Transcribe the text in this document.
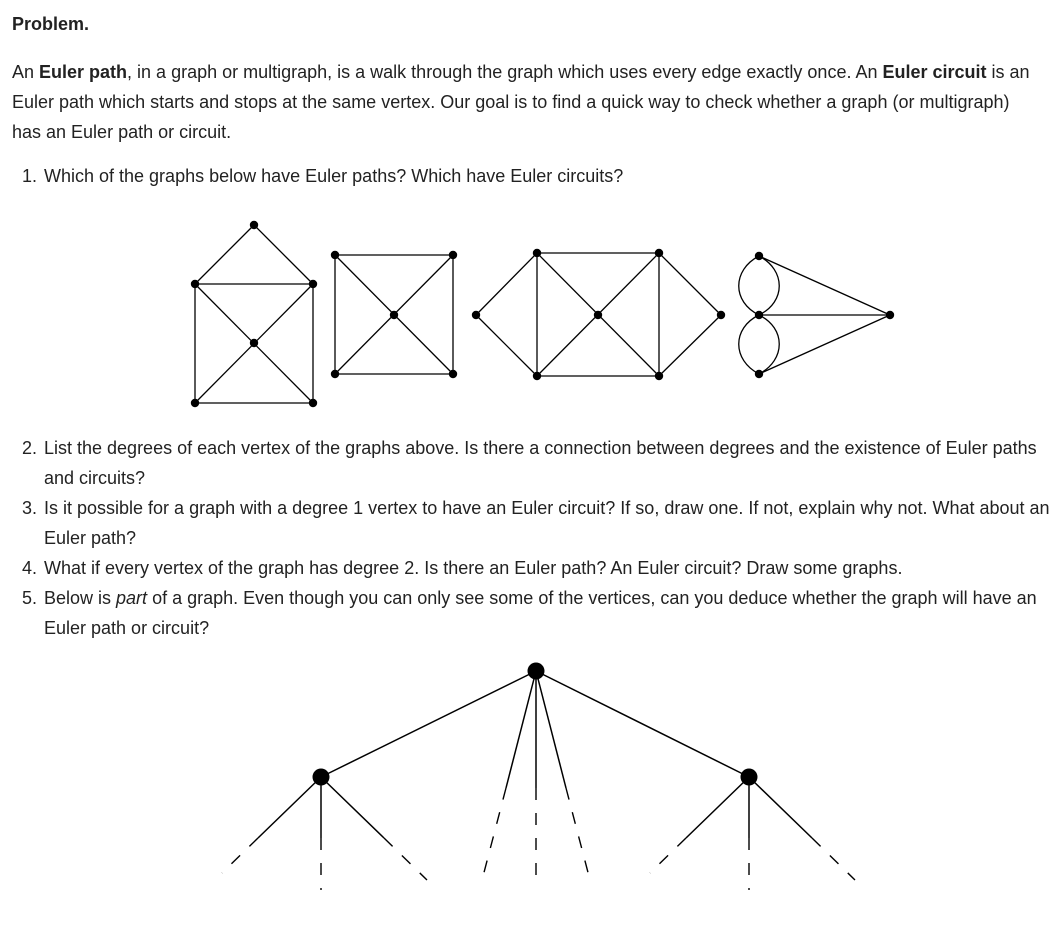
Problem.
An Euler path, in a graph or multigraph, is a walk through the graph which uses every edge exactly once. An Euler circuit is an Euler path which starts and stops at the same vertex. Our goal is to find a quick way to check whether a graph (or multigraph) has an Euler path or circuit.
1. Which of the graphs below have Euler paths? Which have Euler circuits?
2. List the degrees of each vertex of the graphs above. Is there a connection between degrees and the existence of Euler paths and circuits?
3. Is it possible for a graph with a degree 1 vertex to have an Euler circuit? If so, draw one. If not, explain why not. What about an Euler path?
4. What if every vertex of the graph has degree 2. Is there an Euler path? An Euler circuit? Draw some graphs.
5. Below is part of a graph. Even though you can only see some of the vertices, can you deduce whether the graph will have an Euler path or circuit?
